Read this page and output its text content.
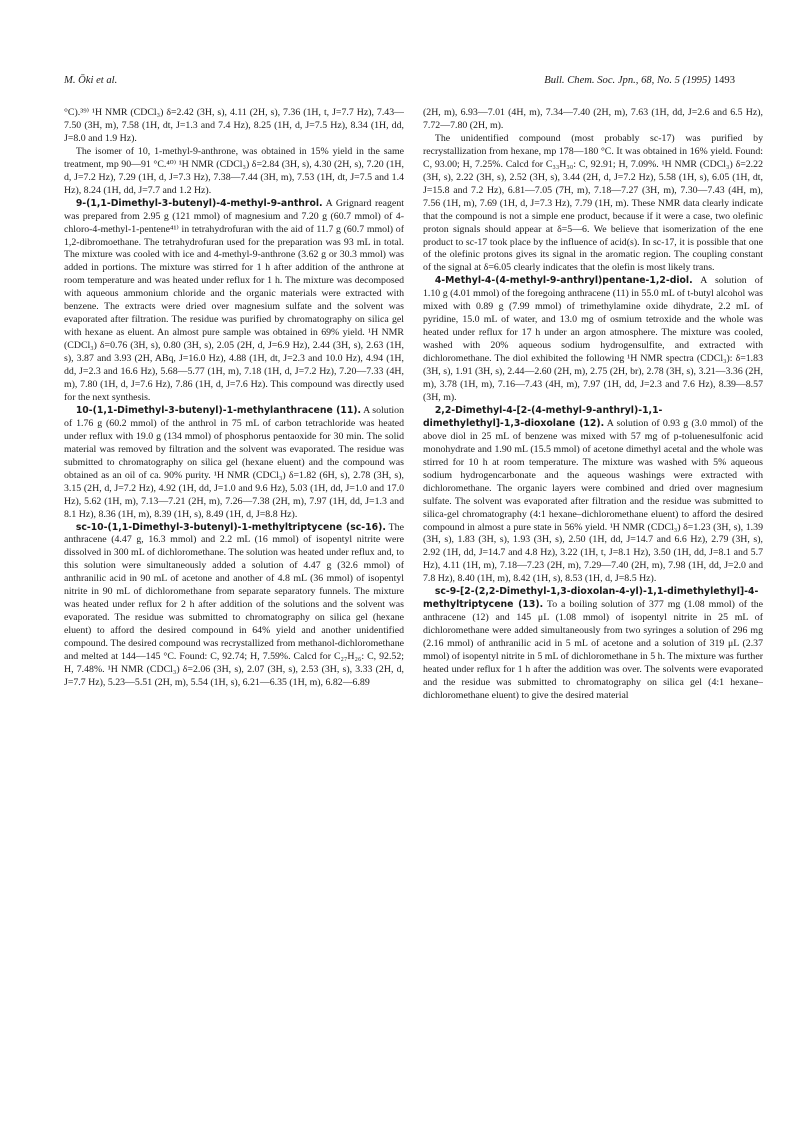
M. Ōki et al.	Bull. Chem. Soc. Jpn., 68, No. 5 (1995) 1493

°C).³⁹⁾ ¹H NMR (CDCl₃) δ=2.42 (3H, s), 4.11 (2H, s), 7.36 (1H, t, J=7.7 Hz), 7.43—7.50 (3H, m), 7.58 (1H, dt, J=1.3 and 7.4 Hz), 8.25 (1H, d, J=7.5 Hz), 8.34 (1H, dd, J=8.0 and 1.9 Hz).

The isomer of 10, 1-methyl-9-anthrone, was obtained in 15% yield in the same treatment, mp 90—91 °C.⁴⁰⁾ ¹H NMR (CDCl₃) δ=2.84 (3H, s), 4.30 (2H, s), 7.20 (1H, d, J=7.2 Hz), 7.29 (1H, d, J=7.3 Hz), 7.38—7.44 (3H, m), 7.53 (1H, dt, J=7.5 and 1.4 Hz), 8.24 (1H, dd, J=7.7 and 1.2 Hz).

9-(1,1-Dimethyl-3-butenyl)-4-methyl-9-anthrol. A Grignard reagent was prepared from 2.95 g (121 mmol) of magnesium and 7.20 g (60.7 mmol) of 4-chloro-4-methyl-1-pentene⁴¹⁾ in tetrahydrofuran with the aid of 11.7 g (60.7 mmol) of 1,2-dibromoethane. The tetrahydrofuran used for the preparation was 93 mL in total. The mixture was cooled with ice and 4-methyl-9-anthrone (3.62 g or 30.3 mmol) was added in portions. The mixture was stirred for 1 h after addition of the anthrone at room temperature and was heated under reflux for 1 h. The mixture was decomposed with aqueous ammonium chloride and the organic materials were extracted with benzene. The extracts were dried over magnesium sulfate and the solvent was evaporated after filtration. The residue was purified by chromatography on silica gel with hexane as eluent. An almost pure sample was obtained in 69% yield. ¹H NMR (CDCl₃) δ=0.76 (3H, s), 0.80 (3H, s), 2.05 (2H, d, J=6.9 Hz), 2.44 (3H, s), 2.63 (1H, s), 3.87 and 3.93 (2H, ABq, J=16.0 Hz), 4.88 (1H, dt, J=2.3 and 10.0 Hz), 4.94 (1H, dd, J=2.3 and 16.6 Hz), 5.68—5.77 (1H, m), 7.18 (1H, d, J=7.2 Hz), 7.20—7.33 (4H, m), 7.80 (1H, d, J=7.6 Hz), 7.86 (1H, d, J=7.6 Hz). This compound was directly used for the next synthesis.

10-(1,1-Dimethyl-3-butenyl)-1-methylanthracene (11). A solution of 1.76 g (60.2 mmol) of the anthrol in 75 mL of carbon tetrachloride was heated under reflux with 19.0 g (134 mmol) of phosphorus pentaoxide for 30 min. The solid material was removed by filtration and the solvent was evaporated. The residue was submitted to chromatography on silica gel (hexane eluent) and the compound was obtained as an oil of ca. 90% purity. ¹H NMR (CDCl₃) δ=1.82 (6H, s), 2.78 (3H, s), 3.15 (2H, d, J=7.2 Hz), 4.92 (1H, dd, J=1.0 and 9.6 Hz), 5.03 (1H, dd, J=1.0 and 17.0 Hz), 5.62 (1H, m), 7.13—7.21 (2H, m), 7.26—7.38 (2H, m), 7.97 (1H, dd, J=1.3 and 8.1 Hz), 8.36 (1H, m), 8.39 (1H, s), 8.49 (1H, d, J=8.8 Hz).

sc-10-(1,1-Dimethyl-3-butenyl)-1-methyltriptycene (sc-16). The anthracene (4.47 g, 16.3 mmol) and 2.2 mL (16 mmol) of isopentyl nitrite were dissolved in 300 mL of dichloromethane. The solution was heated under reflux and, to this solution were simultaneously added a solution of 4.47 g (32.6 mmol) of anthranilic acid in 90 mL of acetone and another of 4.8 mL (36 mmol) of isopentyl nitrite in 90 mL of dichloromethane from separate separatory funnels. The mixture was heated under reflux for 2 h after addition of the solutions and the solvent was evaporated. The residue was submitted to chromatography on silica gel (hexane eluent) to afford the desired compound in 64% yield and another unidentified compound. The desired compound was recrystallized from methanol-dichloromethane and melted at 144—145 °C. Found: C, 92.74; H, 7.59%. Calcd for C₂₇H₂₆: C, 92.52; H, 7.48%. ¹H NMR (CDCl₃) δ=2.06 (3H, s), 2.07 (3H, s), 2.53 (3H, s), 3.33 (2H, d, J=7.7 Hz), 5.23—5.51 (2H, m), 5.54 (1H, s), 6.21—6.35 (1H, m), 6.82—6.89

(2H, m), 6.93—7.01 (4H, m), 7.34—7.40 (2H, m), 7.63 (1H, dd, J=2.6 and 6.5 Hz), 7.72—7.80 (2H, m).

The unidentified compound (most probably sc-17) was purified by recrystallization from hexane, mp 178—180 °C. It was obtained in 16% yield. Found: C, 93.00; H, 7.25%. Calcd for C₃₃H₃₀: C, 92.91; H, 7.09%. ¹H NMR (CDCl₃) δ=2.22 (3H, s), 2.22 (3H, s), 2.52 (3H, s), 3.44 (2H, d, J=7.2 Hz), 5.58 (1H, s), 6.05 (1H, dt, J=15.8 and 7.2 Hz), 6.81—7.05 (7H, m), 7.18—7.27 (3H, m), 7.30—7.43 (4H, m), 7.56 (1H, m), 7.69 (1H, d, J=7.3 Hz), 7.79 (1H, m). These NMR data clearly indicate that the compound is not a simple ene product, because if it were a case, two olefinic proton signals should appear at δ=5—6. We believe that isomerization of the ene product to sc-17 took place by the influence of acid(s). In sc-17, it is possible that one of the olefinic protons gives its signal in the aromatic region. The coupling constant of the signal at δ=6.05 clearly indicates that the olefin is most likely trans.

4-Methyl-4-(4-methyl-9-anthryl)pentane-1,2-diol. A solution of 1.10 g (4.01 mmol) of the foregoing anthracene (11) in 55.0 mL of t-butyl alcohol was mixed with 0.89 g (7.99 mmol) of trimethylamine oxide dihydrate, 2.2 mL of pyridine, 15.0 mL of water, and 13.0 mg of osmium tetroxide and the whole was heated under reflux for 17 h under an argon atmosphere. The mixture was cooled, washed with 20% aqueous sodium hydrogensulfite, and extracted with dichloromethane. The diol exhibited the following ¹H NMR spectra (CDCl₃): δ=1.83 (3H, s), 1.91 (3H, s), 2.44—2.60 (2H, m), 2.75 (2H, br), 2.78 (3H, s), 3.21—3.36 (2H, m), 3.78 (1H, m), 7.16—7.43 (4H, m), 7.97 (1H, dd, J=2.3 and 7.6 Hz), 8.39—8.57 (3H, m).

2,2-Dimethyl-4-[2-(4-methyl-9-anthryl)-1,1-dimethylethyl]-1,3-dioxolane (12). A solution of 0.93 g (3.0 mmol) of the above diol in 25 mL of benzene was mixed with 57 mg of p-toluenesulfonic acid monohydrate and 1.90 mL (15.5 mmol) of acetone dimethyl acetal and the whole was stirred for 10 h at room temperature. The mixture was washed with 5% aqueous sodium hydrogencarbonate and the aqueous washings were extracted with dichloromethane. The organic layers were combined and dried over magnesium sulfate. The solvent was evaporated after filtration and the residue was submitted to silica-gel chromatography (4:1 hexane–dichloromethane eluent) to afford the desired compound in almost a pure state in 56% yield. ¹H NMR (CDCl₃) δ=1.23 (3H, s), 1.39 (3H, s), 1.83 (3H, s), 1.93 (3H, s), 2.50 (1H, dd, J=14.7 and 6.6 Hz), 2.79 (3H, s), 2.92 (1H, dd, J=14.7 and 4.8 Hz), 3.22 (1H, t, J=8.1 Hz), 3.50 (1H, dd, J=8.1 and 5.7 Hz), 4.11 (1H, m), 7.18—7.23 (2H, m), 7.29—7.40 (2H, m), 7.98 (1H, dd, J=2.0 and 7.8 Hz), 8.40 (1H, m), 8.42 (1H, s), 8.53 (1H, d, J=8.5 Hz).

sc-9-[2-(2,2-Dimethyl-1,3-dioxolan-4-yl)-1,1-dimethylethyl]-4-methyltriptycene (13). To a boiling solution of 377 mg (1.08 mmol) of the anthracene (12) and 145 μL (1.08 mmol) of isopentyl nitrite in 25 mL of dichloromethane were added simultaneously from two syringes a solution of 296 mg (2.16 mmol) of anthranilic acid in 5 mL of acetone and a solution of 319 μL (2.37 mmol) of isopentyl nitrite in 5 mL of dichloromethane in 5 h. The mixture was further heated under reflux for 1 h after the addition was over. The solvents were evaporated and the residue was submitted to chromatography on silica gel (4:1 hexane–dichloromethane eluent) to give the desired material
